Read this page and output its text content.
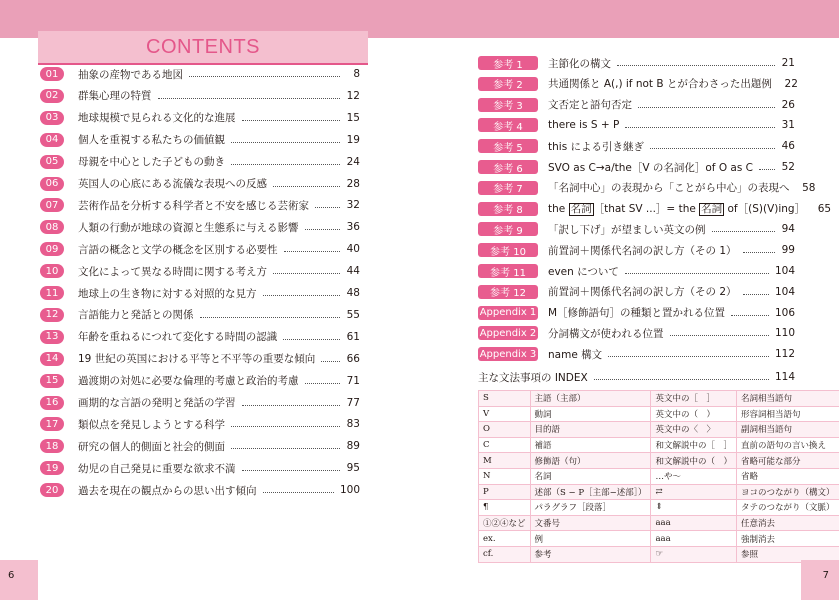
CONTENTS
01	抽象の産物である地図	8
02	群集心理の特質	12
03	地球規模で見られる文化的な進展	15
04	個人を重視する私たちの価値観	19
05	母親を中心とした子どもの動き	24
06	英国人の心底にある流儀な表現への反感	28
07	芸術作品を分析する科学者と不安を感じる芸術家	32
08	人類の行動が地球の資源と生態系に与える影響	36
09	言語の概念と文学の概念を区別する必要性	40
10	文化によって異なる時間に関する考え方	44
11	地球上の生き物に対する対照的な見方	48
12	言語能力と発話との関係	55
13	年齢を重ねるにつれて変化する時間の認識	61
14	19 世紀の英国における平等と不平等の重要な傾向	66
15	過渡期の対処に必要な倫理的考慮と政治的考慮	71
16	画期的な言語の発明と発話の学習	77
17	類似点を発見しようとする科学	83
18	研究の個人的側面と社会的側面	89
19	幼児の自己発見に重要な欲求不満	95
20	過去を現在の観点からの思い出す傾向	100
参考 1	主節化の構文	21
参考 2	共通関係と A(,) if not B とが合わさった出題例 22
参考 3	文否定と語句否定	26
参考 4	there is S + P	31
参考 5	this による引き継ぎ	46
参考 6	SVO as C→a/the［V の名詞化］of O as C	52
参考 7	「名詞中心」の表現から「ことがら中心」の表現へ 58
参考 8	the 名詞 ［that SV ...］= the 名詞 of［(S)(V)ing］ 65
参考 9	「訳し下げ」が望ましい英文の例	94
参考 10	前置詞＋関係代名詞の訳し方（その 1）	99
参考 11	even について	104
参考 12	前置詞＋関係代名詞の訳し方（その 2）	104
Appendix 1 M［修飾語句］の種類と置かれる位置	106
Appendix 2 分詞構文が使われる位置	110
Appendix 3 name 構文	112
主な文法事項の INDEX	114
S	主語（主部）	英文中の［　］	名詞相当語句
V	動詞	英文中の（　）	形容詞相当語句
O	目的語	英文中の〈　〉	副詞相当語句
C	補語	和文解説中の［　］	直前の語句の言い換え
M	修飾語（句）	和文解説中の（　）	省略可能な部分
N	名詞	…や〜	省略
P	述部（S − P［主部−述部］）	⇄	ヨコのつながり（構文）
¶	パラグラフ［段落］	⇕	タテのつながり（文脈）
①②④など	文番号	aaa	任意消去
ex.	例	aaa	強制消去
cf.	参考	☞	参照
6	7
